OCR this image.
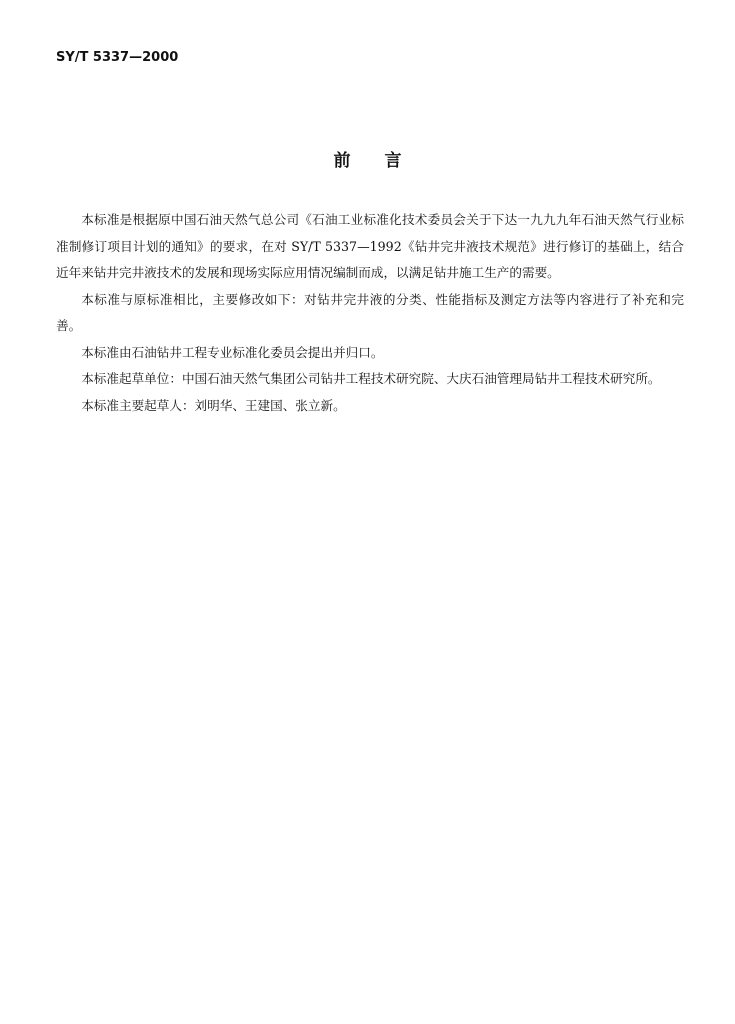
SY/T 5337—2000
前言

本标准是根据原中国石油天然气总公司《石油工业标准化技术委员会关于下达一九九九年石油天然气行业标准制修订项目计划的通知》的要求，在对 SY/T 5337—1992《钻井完井液技术规范》进行修订的基础上，结合近年来钻井完井液技术的发展和现场实际应用情况编制而成，以满足钻井施工生产的需要。

本标准与原标准相比，主要修改如下：对钻井完井液的分类、性能指标及测定方法等内容进行了补充和完善。

本标准由石油钻井工程专业标准化委员会提出并归口。

本标准起草单位：中国石油天然气集团公司钻井工程技术研究院、大庆石油管理局钻井工程技术研究所。

本标准主要起草人：刘明华、王建国、张立新。
